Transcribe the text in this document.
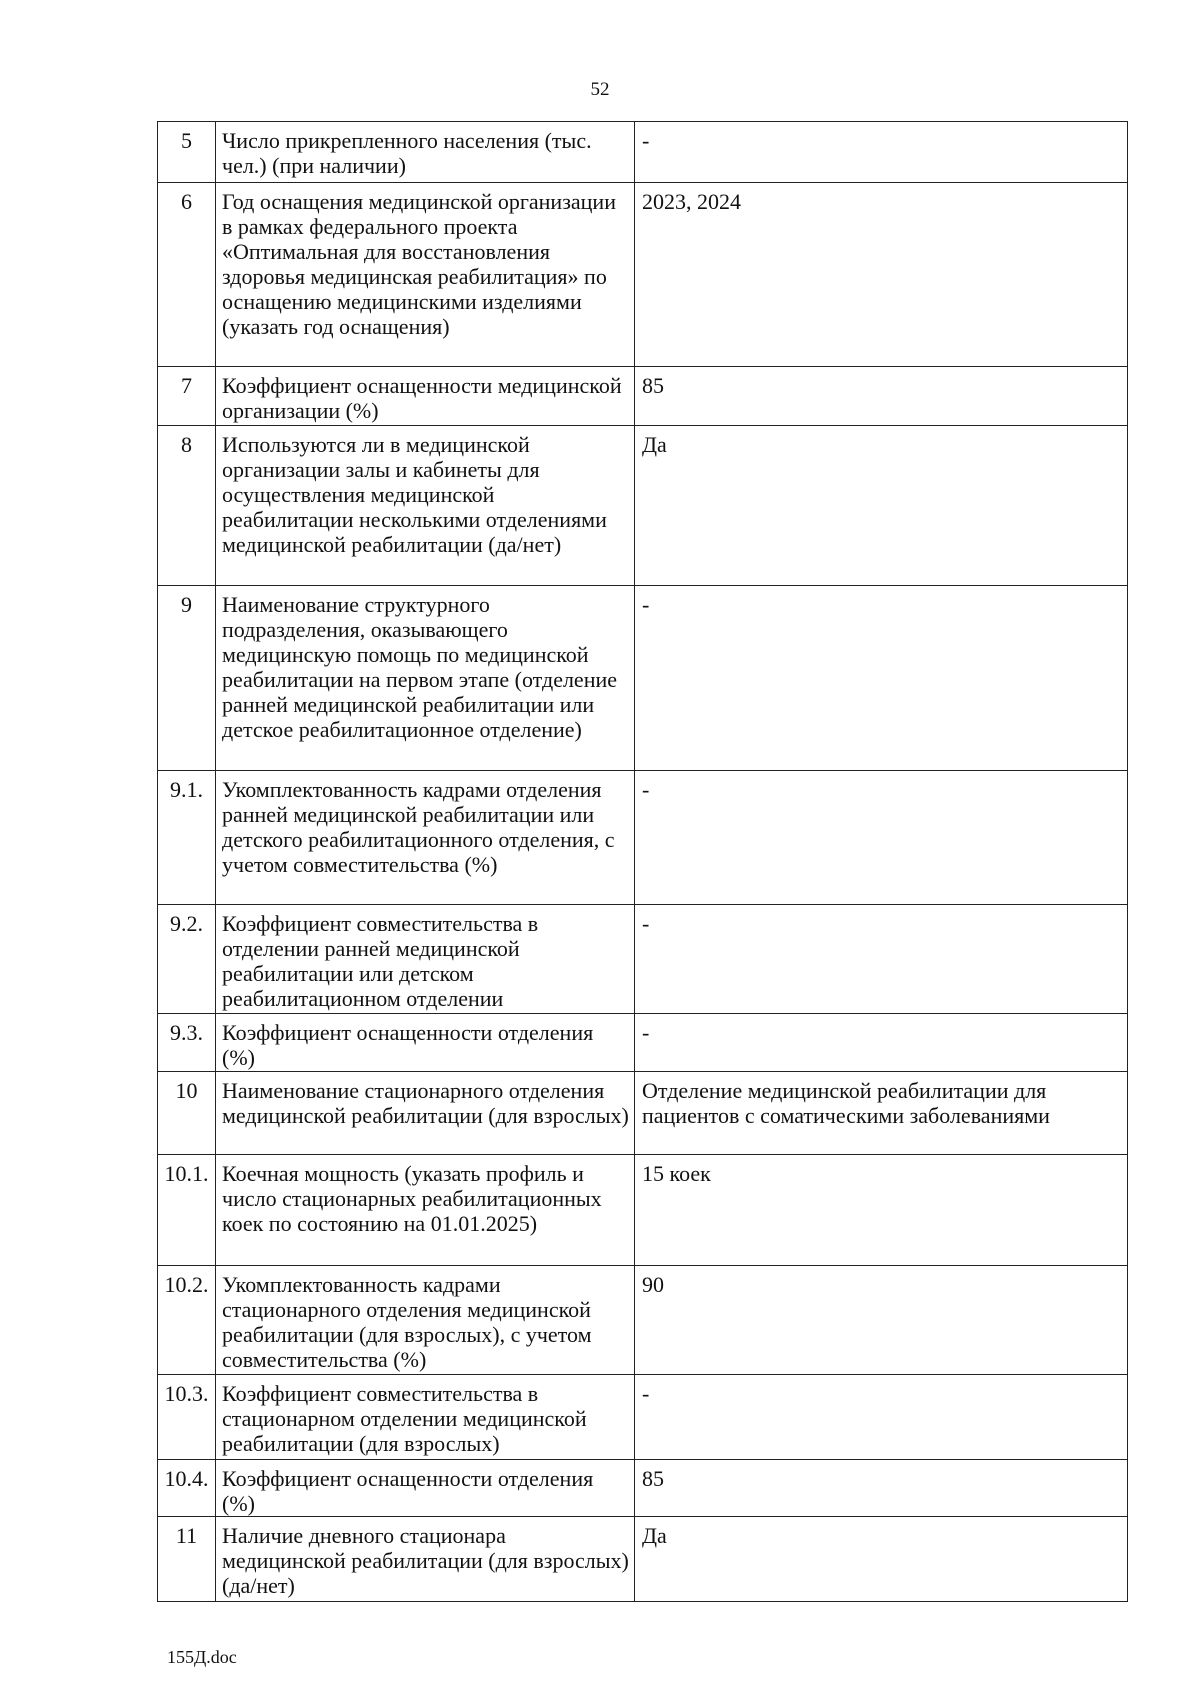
52
5	Число прикрепленного населения (тыс. чел.) (при наличии)	-
6	Год оснащения медицинской организации в рамках федерального проекта «Оптимальная для восстановления здоровья медицинская реабилитация» по оснащению медицинскими изделиями (указать год оснащения)	2023, 2024
7	Коэффициент оснащенности медицинской организации (%)	85
8	Используются ли в медицинской организации залы и кабинеты для осуществления медицинской реабилитации несколькими отделениями медицинской реабилитации (да/нет)	Да
9	Наименование структурного подразделения, оказывающего медицинскую помощь по медицинской реабилитации на первом этапе (отделение ранней медицинской реабилитации или детское реабилитационное отделение)	-
9.1.	Укомплектованность кадрами отделения ранней медицинской реабилитации или детского реабилитационного отделения, с учетом совместительства (%)	-
9.2.	Коэффициент совместительства в отделении ранней медицинской реабилитации или детском реабилитационном отделении	-
9.3.	Коэффициент оснащенности отделения (%)	-
10	Наименование стационарного отделения медицинской реабилитации (для взрослых)	Отделение медицинской реабилитации для пациентов с соматическими заболеваниями
10.1.	Коечная мощность (указать профиль и число стационарных реабилитационных коек по состоянию на 01.01.2025)	15 коек
10.2.	Укомплектованность кадрами стационарного отделения медицинской реабилитации (для взрослых), с учетом совместительства (%)	90
10.3.	Коэффициент совместительства в стационарном отделении медицинской реабилитации (для взрослых)	-
10.4.	Коэффициент оснащенности отделения (%)	85
11	Наличие дневного стационара медицинской реабилитации (для взрослых) (да/нет)	Да
155Д.doc
